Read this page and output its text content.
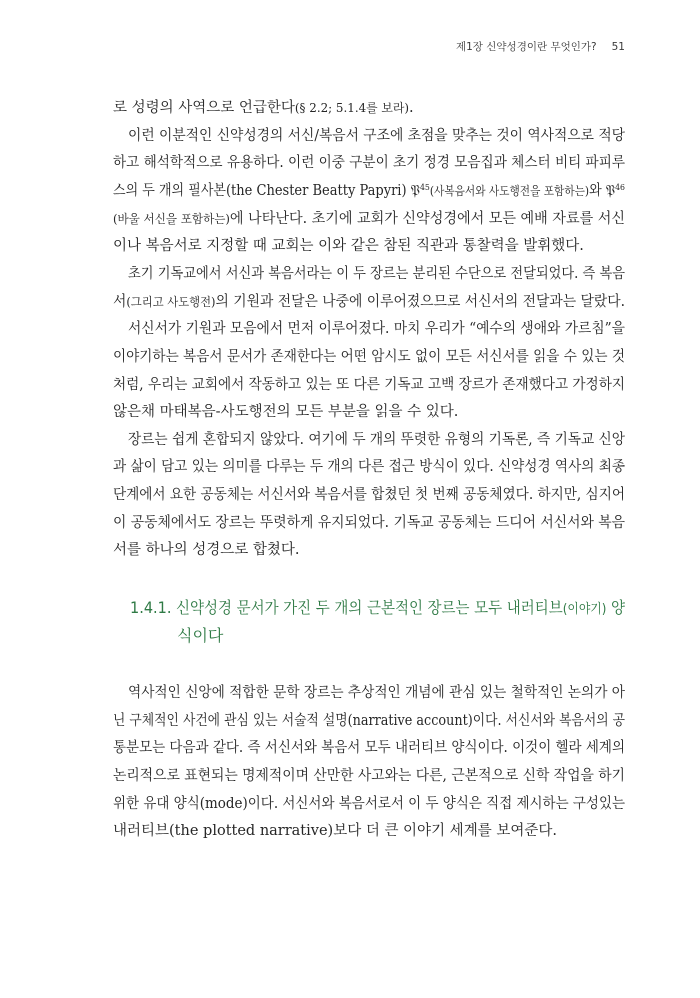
제1장 신약성경이란 무엇인가? 51
로 성령의 사역으로 언급한다(§ 2.2; 5.1.4를 보라).
이런 이분적인 신약성경의 서신/복음서 구조에 초점을 맞추는 것이 역사적으로 적당
하고 해석학적으로 유용하다. 이런 이중 구분이 초기 정경 모음집과 체스터 비티 파피루
스의 두 개의 필사본(the Chester Beatty Papyri) 𝔓$^{45}$(사복음서와 사도행전을 포함하는)와 𝔓$^{46}$
(바울 서신을 포함하는)에 나타난다. 초기에 교회가 신약성경에서 모든 예배 자료를 서신
이나 복음서로 지정할 때 교회는 이와 같은 참된 직관과 통찰력을 발휘했다.
초기 기독교에서 서신과 복음서라는 이 두 장르는 분리된 수단으로 전달되었다. 즉 복음
서(그리고 사도행전)의 기원과 전달은 나중에 이루어졌으므로 서신서의 전달과는 달랐다.
서신서가 기원과 모음에서 먼저 이루어졌다. 마치 우리가 “예수의 생애와 가르침”을
이야기하는 복음서 문서가 존재한다는 어떤 암시도 없이 모든 서신서를 읽을 수 있는 것
처럼, 우리는 교회에서 작동하고 있는 또 다른 기독교 고백 장르가 존재했다고 가정하지
않은채 마태복음-사도행전의 모든 부분을 읽을 수 있다.
장르는 쉽게 혼합되지 않았다. 여기에 두 개의 뚜렷한 유형의 기독론, 즉 기독교 신앙
과 삶이 담고 있는 의미를 다루는 두 개의 다른 접근 방식이 있다. 신약성경 역사의 최종
단계에서 요한 공동체는 서신서와 복음서를 합쳤던 첫 번째 공동체였다. 하지만, 심지어
이 공동체에서도 장르는 뚜렷하게 유지되었다. 기독교 공동체는 드디어 서신서와 복음
서를 하나의 성경으로 합쳤다.
1.4.1. 신약성경 문서가 가진 두 개의 근본적인 장르는 모두 내러티브(이야기) 양
식이다
역사적인 신앙에 적합한 문학 장르는 추상적인 개념에 관심 있는 철학적인 논의가 아
닌 구체적인 사건에 관심 있는 서술적 설명(narrative account)이다. 서신서와 복음서의 공
통분모는 다음과 같다. 즉 서신서와 복음서 모두 내러티브 양식이다. 이것이 헬라 세계의
논리적으로 표현되는 명제적이며 산만한 사고와는 다른, 근본적으로 신학 작업을 하기
위한 유대 양식(mode)이다. 서신서와 복음서로서 이 두 양식은 직접 제시하는 구성있는
내러티브(the plotted narrative)보다 더 큰 이야기 세계를 보여준다.
